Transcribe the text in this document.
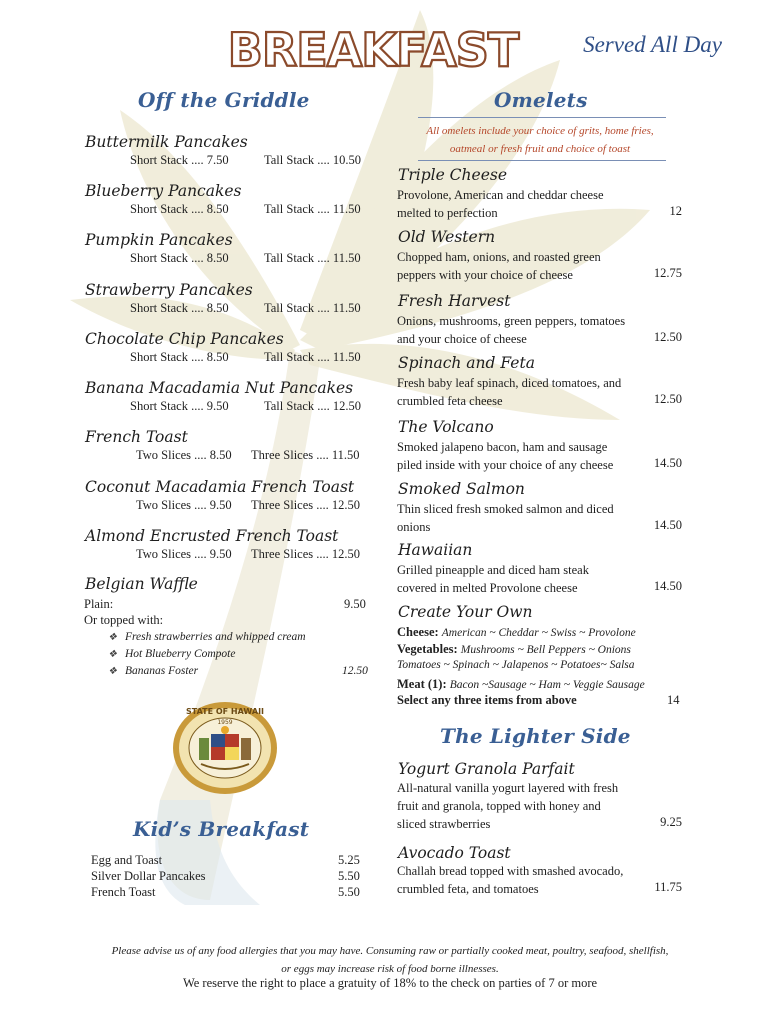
BREAKFAST	Served All Day
Off the Griddle
Buttermilk Pancakes
Short Stack .... 7.50	Tall Stack .... 10.50
Blueberry Pancakes
Short Stack .... 8.50	Tall Stack .... 11.50
Pumpkin Pancakes
Short Stack .... 8.50	Tall Stack .... 11.50
Strawberry Pancakes
Short Stack .... 8.50	Tall Stack .... 11.50
Chocolate Chip Pancakes
Short Stack .... 8.50	Tall Stack .... 11.50
Banana Macadamia Nut Pancakes
Short Stack .... 9.50	Tall Stack .... 12.50
French Toast
Two Slices .... 8.50 Three Slices .... 11.50
Coconut Macadamia French Toast
Two Slices .... 9.50 Three Slices .... 12.50
Almond Encrusted French Toast
Two Slices .... 9.50 Three Slices .... 12.50
Belgian Waffle
Plain:	9.50
Or topped with:
❖ Fresh strawberries and whipped cream
❖ Hot Blueberry Compote
❖ Bananas Foster	12.50
STATE OF HAWAII
1959
Kid’s Breakfast
Egg and Toast	5.25
Silver Dollar Pancakes	5.50
French Toast	5.50
Omelets
All omelets include your choice of grits, home fries,
oatmeal or fresh fruit and choice of toast
Triple Cheese
Provolone, American and cheddar cheese
melted to perfection	12
Old Western
Chopped ham, onions, and roasted green
peppers with your choice of cheese	12.75
Fresh Harvest
Onions, mushrooms, green peppers, tomatoes
and your choice of cheese	12.50
Spinach and Feta
Fresh baby leaf spinach, diced tomatoes, and
crumbled feta cheese	12.50
The Volcano
Smoked jalapeno bacon, ham and sausage
piled inside with your choice of any cheese	14.50
Smoked Salmon
Thin sliced fresh smoked salmon and diced
onions	14.50
Hawaiian
Grilled pineapple and diced ham steak
covered in melted Provolone cheese	14.50
Create Your Own
Cheese: American ~ Cheddar ~ Swiss ~ Provolone
Vegetables: Mushrooms ~ Bell Peppers ~ Onions
Tomatoes ~ Spinach ~ Jalapenos ~ Potatoes~ Salsa
Meat (1): Bacon ~Sausage ~ Ham ~ Veggie Sausage
Select any three items from above	14
The Lighter Side
Yogurt Granola Parfait
All-natural vanilla yogurt layered with fresh
fruit and granola, topped with honey and
sliced strawberries	9.25
Avocado Toast
Challah bread topped with smashed avocado,
crumbled feta, and tomatoes	11.75
Please advise us of any food allergies that you may have. Consuming raw or partially cooked meat, poultry, seafood, shellfish,
or eggs may increase risk of food borne illnesses.
We reserve the right to place a gratuity of 18% to the check on parties of 7 or more
